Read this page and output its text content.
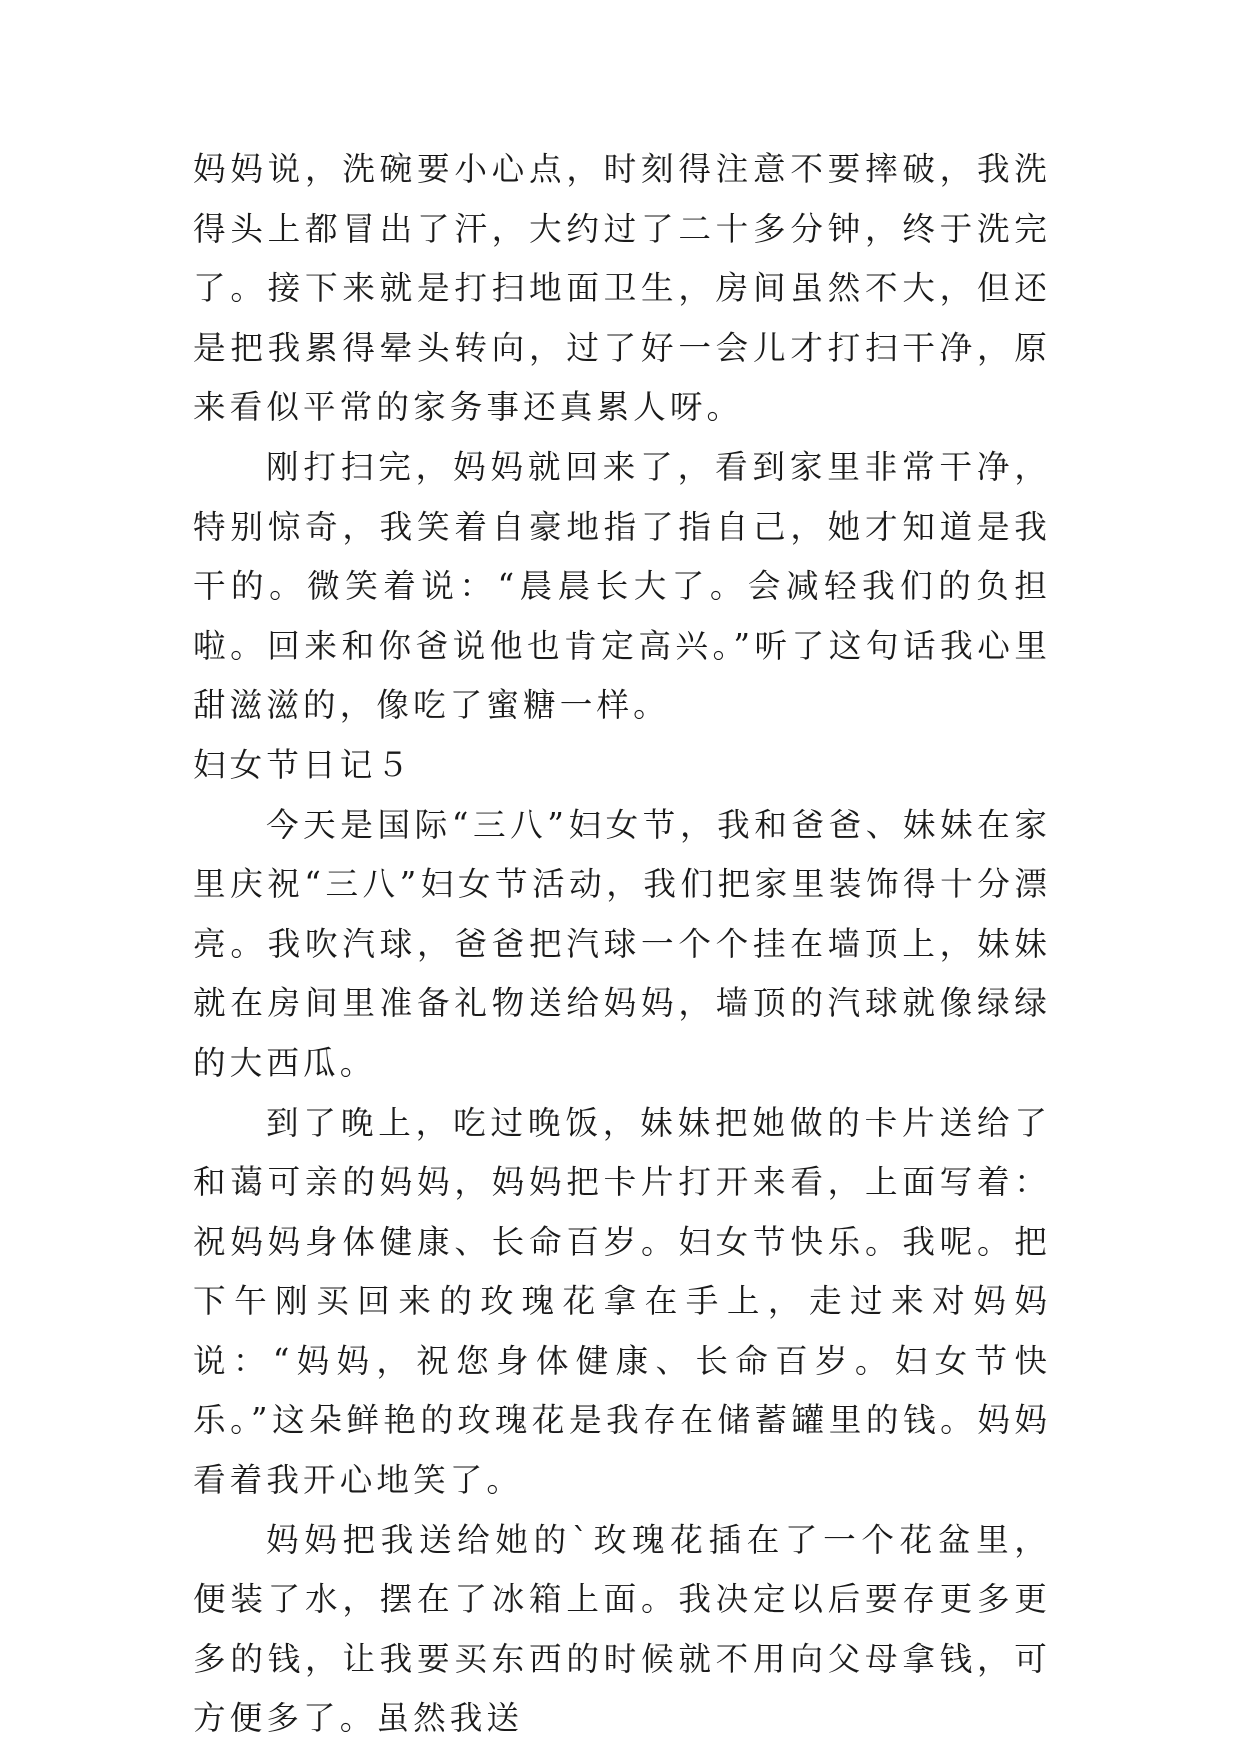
妈妈说，洗碗要小心点，时刻得注意不要摔破，我洗得头上都冒出了汗，大约过了二十多分钟，终于洗完了。接下来就是打扫地面卫生，房间虽然不大，但还是把我累得晕头转向，过了好一会儿才打扫干净，原来看似平常的家务事还真累人呀。

刚打扫完，妈妈就回来了，看到家里非常干净，特别惊奇，我笑着自豪地指了指自己，她才知道是我干的。微笑着说：“晨晨长大了。会减轻我们的负担啦。回来和你爸说他也肯定高兴。”听了这句话我心里甜滋滋的，像吃了蜜糖一样。

妇女节日记５

今天是国际“三八”妇女节，我和爸爸、妹妹在家里庆祝“三八”妇女节活动，我们把家里装饰得十分漂亮。我吹汽球，爸爸把汽球一个个挂在墙顶上，妹妹就在房间里准备礼物送给妈妈，墙顶的汽球就像绿绿的大西瓜。

到了晚上，吃过晚饭，妹妹把她做的卡片送给了和蔼可亲的妈妈，妈妈把卡片打开来看，上面写着：祝妈妈身体健康、长命百岁。妇女节快乐。我呢。把下午刚买回来的玫瑰花拿在手上，走过来对妈妈说：“妈妈，祝您身体健康、长命百岁。妇女节快乐。”这朵鲜艳的玫瑰花是我存在储蓄罐里的钱。妈妈看着我开心地笑了。

妈妈把我送给她的`玫瑰花插在了一个花盆里，便装了水，摆在了冰箱上面。我决定以后要存更多更多的钱，让我要买东西的时候就不用向父母拿钱，可方便多了。虽然我送
